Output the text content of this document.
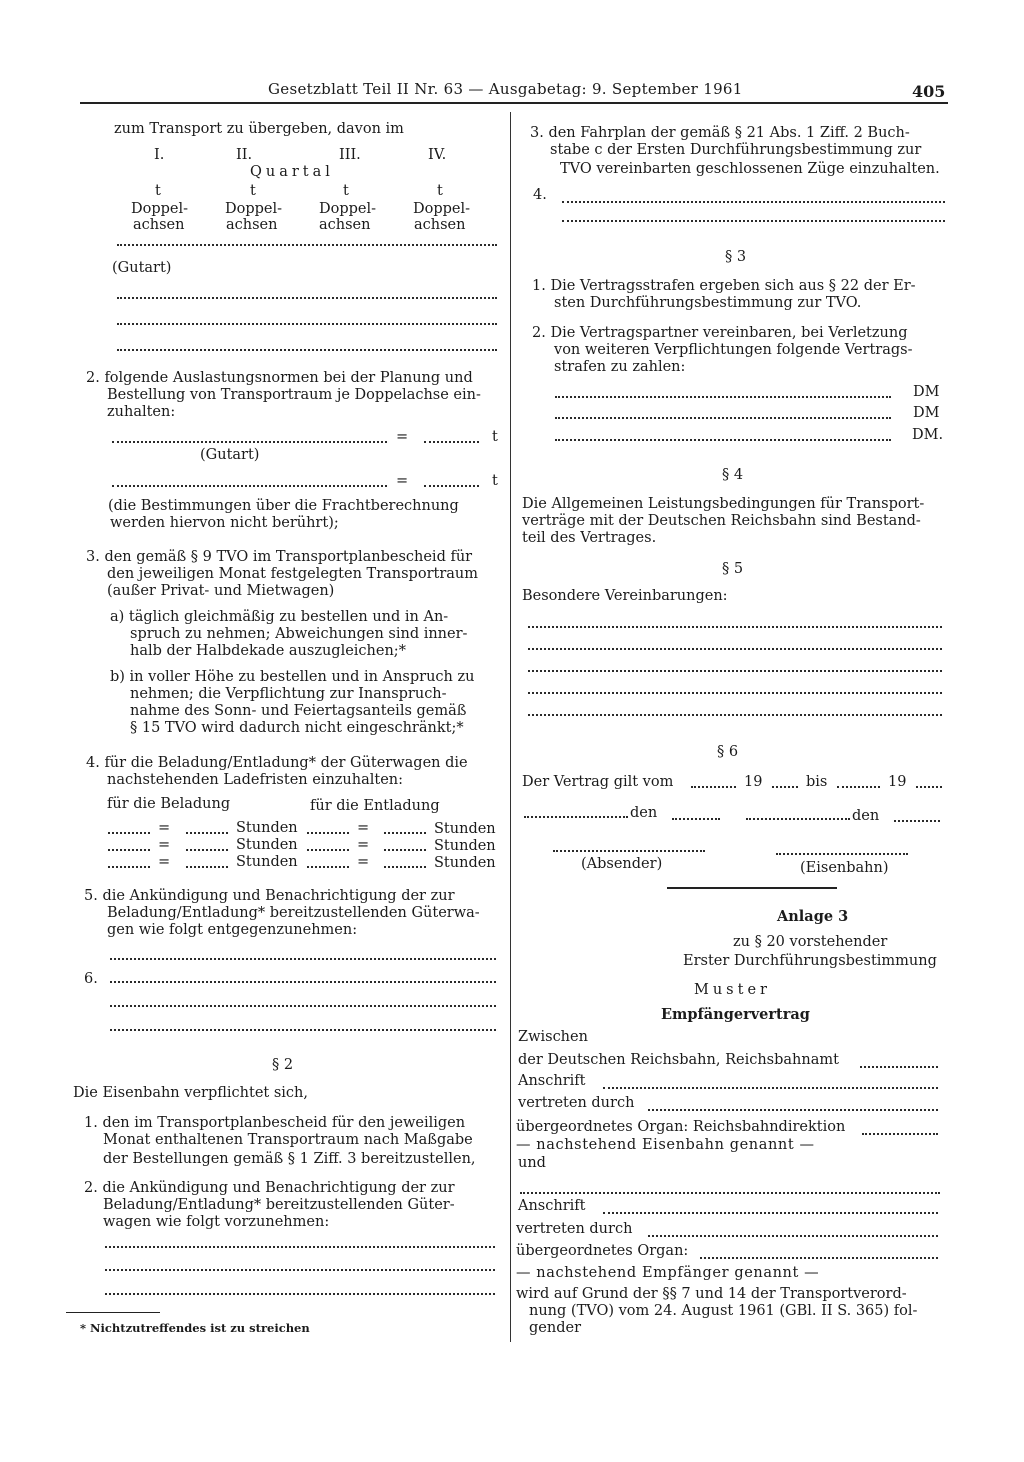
Gesetzblatt Teil II Nr. 63 — Ausgabetag: 9. September 1961	405
zum Transport zu übergeben, davon im
I.	II.	III.	IV.
Quartal
t	t	t	t
Doppel-	Doppel-	Doppel-	Doppel-
achsen	achsen	achsen	achsen
(Gutart)
2. folgende Auslastungsnormen bei der Planung und
Bestellung von Transportraum je Doppelachse ein-
zuhalten:
=	t
(Gutart)
=	t
(die Bestimmungen über die Frachtberechnung
werden hiervon nicht berührt);
3. den gemäß § 9 TVO im Transportplanbescheid für
den jeweiligen Monat festgelegten Transportraum
(außer Privat- und Mietwagen)
a) täglich gleichmäßig zu bestellen und in An-
spruch zu nehmen; Abweichungen sind inner-
halb der Halbdekade auszugleichen;*
b) in voller Höhe zu bestellen und in Anspruch zu
nehmen; die Verpflichtung zur Inanspruch-
nahme des Sonn- und Feiertagsanteils gemäß
§ 15 TVO wird dadurch nicht eingeschränkt;*
4. für die Beladung/Entladung* der Güterwagen die
nachstehenden Ladefristen einzuhalten:
für die Beladung	für die Entladung
=	Stunden	=	Stunden
=	Stunden	=	Stunden
=	Stunden	=	Stunden
5. die Ankündigung und Benachrichtigung der zur
Beladung/Entladung* bereitzustellenden Güterwa-
gen wie folgt entgegenzunehmen:
6.
§ 2
Die Eisenbahn verpflichtet sich,
1. den im Transportplanbescheid für den jeweiligen
Monat enthaltenen Transportraum nach Maßgabe
der Bestellungen gemäß § 1 Ziff. 3 bereitzustellen,
2. die Ankündigung und Benachrichtigung der zur
Beladung/Entladung* bereitzustellenden Güter-
wagen wie folgt vorzunehmen:
* Nichtzutreffendes ist zu streichen
3. den Fahrplan der gemäß § 21 Abs. 1 Ziff. 2 Buch-
stabe c der Ersten Durchführungsbestimmung zur
TVO vereinbarten geschlossenen Züge einzuhalten.
4.
§ 3
1. Die Vertragsstrafen ergeben sich aus § 22 der Er-
sten Durchführungsbestimmung zur TVO.
2. Die Vertragspartner vereinbaren, bei Verletzung
von weiteren Verpflichtungen folgende Vertrags-
strafen zu zahlen:
DM
DM
DM.
§ 4
Die Allgemeinen Leistungsbedingungen für Transport-
verträge mit der Deutschen Reichsbahn sind Bestand-
teil des Vertrages.
§ 5
Besondere Vereinbarungen:
§ 6
Der Vertrag gilt vom	19	bis	19
den	den
(Absender)	(Eisenbahn)
Anlage 3
zu § 20 vorstehender
Erster Durchführungsbestimmung
Muster
Empfängervertrag
Zwischen
der Deutschen Reichsbahn, Reichsbahnamt
Anschrift
vertreten durch
übergeordnetes Organ: Reichsbahndirektion
— nachstehend Eisenbahn genannt —
und
Anschrift
vertreten durch
übergeordnetes Organ:
— nachstehend Empfänger genannt —
wird auf Grund der §§ 7 und 14 der Transportverord-
nung (TVO) vom 24. August 1961 (GBl. II S. 365) fol-
gender
